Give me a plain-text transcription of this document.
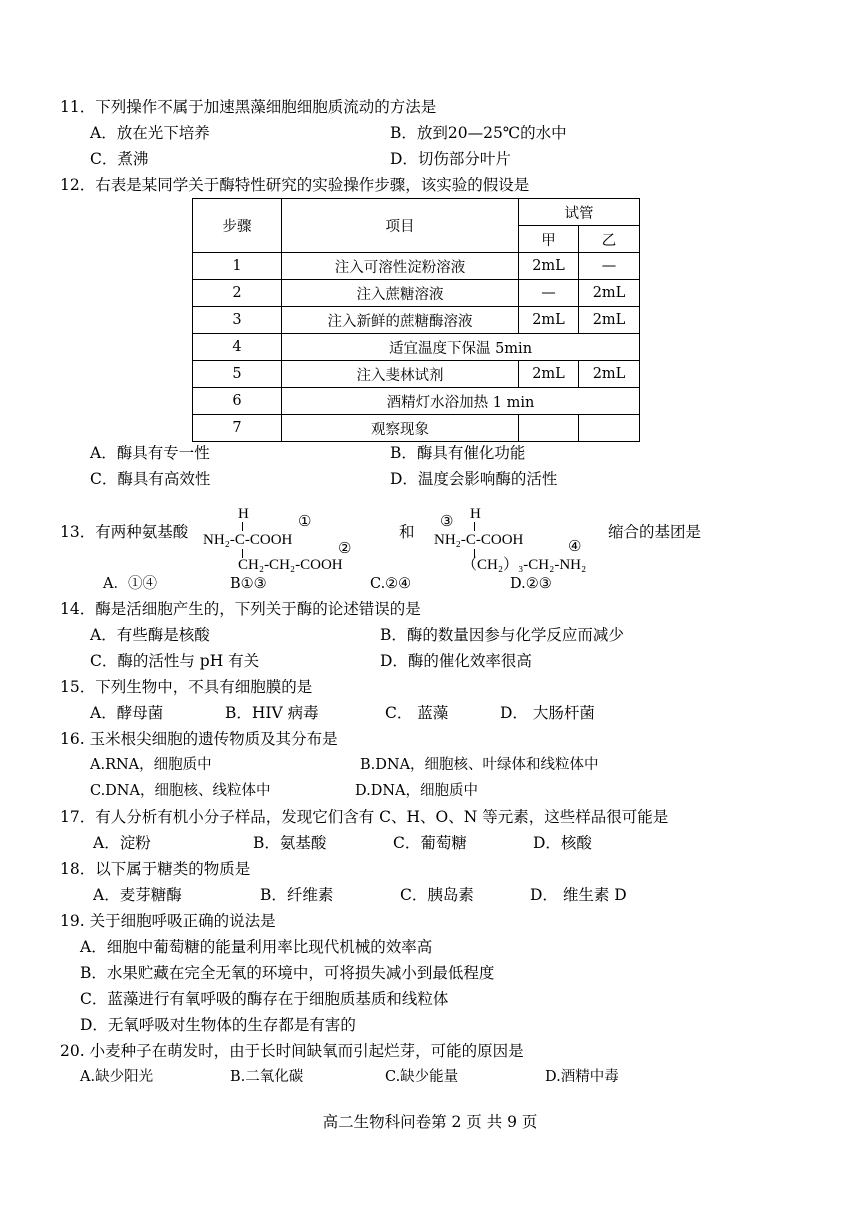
11．下列操作不属于加速黑藻细胞细胞质流动的方法是
A．放在光下培养	B．放到20—25℃的水中
C．煮沸	D．切伤部分叶片
12．右表是某同学关于酶特性研究的实验操作步骤，该实验的假设是
步骤	项目	试管	
		甲	乙
1	注入可溶性淀粉溶液	2mL	—
2	注入蔗糖溶液	—	2mL
3	注入新鲜的蔗糖酶溶液	2mL	2mL
4	适宜温度下保温 5min		
5	注入斐林试剂	2mL	2mL
6	酒精灯水浴加热 1 min		
7	观察现象		
A．酶具有专一性	B．酶具有催化功能
C．酶具有高效性	D．温度会影响酶的活性
13．有两种氨基酸
H
NH₂-C-COOH
①
②
CH₂-CH₂-COOH
和
H
③
NH₂-C-COOH	④
（CH₂）₃-CH₂-NH₂
缩合的基团是
A．①④	B①③	C.②④	D.②③
14．酶是活细胞产生的，下列关于酶的论述错误的是
A．有些酶是核酸	B．酶的数量因参与化学反应而减少
C．酶的活性与 pH 有关	D．酶的催化效率很高
15．下列生物中，不具有细胞膜的是
A．酵母菌	B．HIV 病毒	C． 蓝藻	D． 大肠杆菌
16. 玉米根尖细胞的遗传物质及其分布是
A.RNA，细胞质中	B.DNA，细胞核、叶绿体和线粒体中
C.DNA，细胞核、线粒体中	D.DNA，细胞质中
17．有人分析有机小分子样品，发现它们含有 C、H、O、N 等元素，这些样品很可能是
A．淀粉	B．氨基酸	C．葡萄糖	D．核酸
18．以下属于糖类的物质是
A．麦芽糖酶	B．纤维素	C．胰岛素	D． 维生素 D
19. 关于细胞呼吸正确的说法是
A．细胞中葡萄糖的能量利用率比现代机械的效率高
B．水果贮藏在完全无氧的环境中，可将损失减小到最低程度
C．蓝藻进行有氧呼吸的酶存在于细胞质基质和线粒体
D．无氧呼吸对生物体的生存都是有害的
20. 小麦种子在萌发时，由于长时间缺氧而引起烂芽，可能的原因是
A.缺少阳光	B.二氧化碳	C.缺少能量	D.酒精中毒
高二生物科问卷第 2 页 共 9 页
